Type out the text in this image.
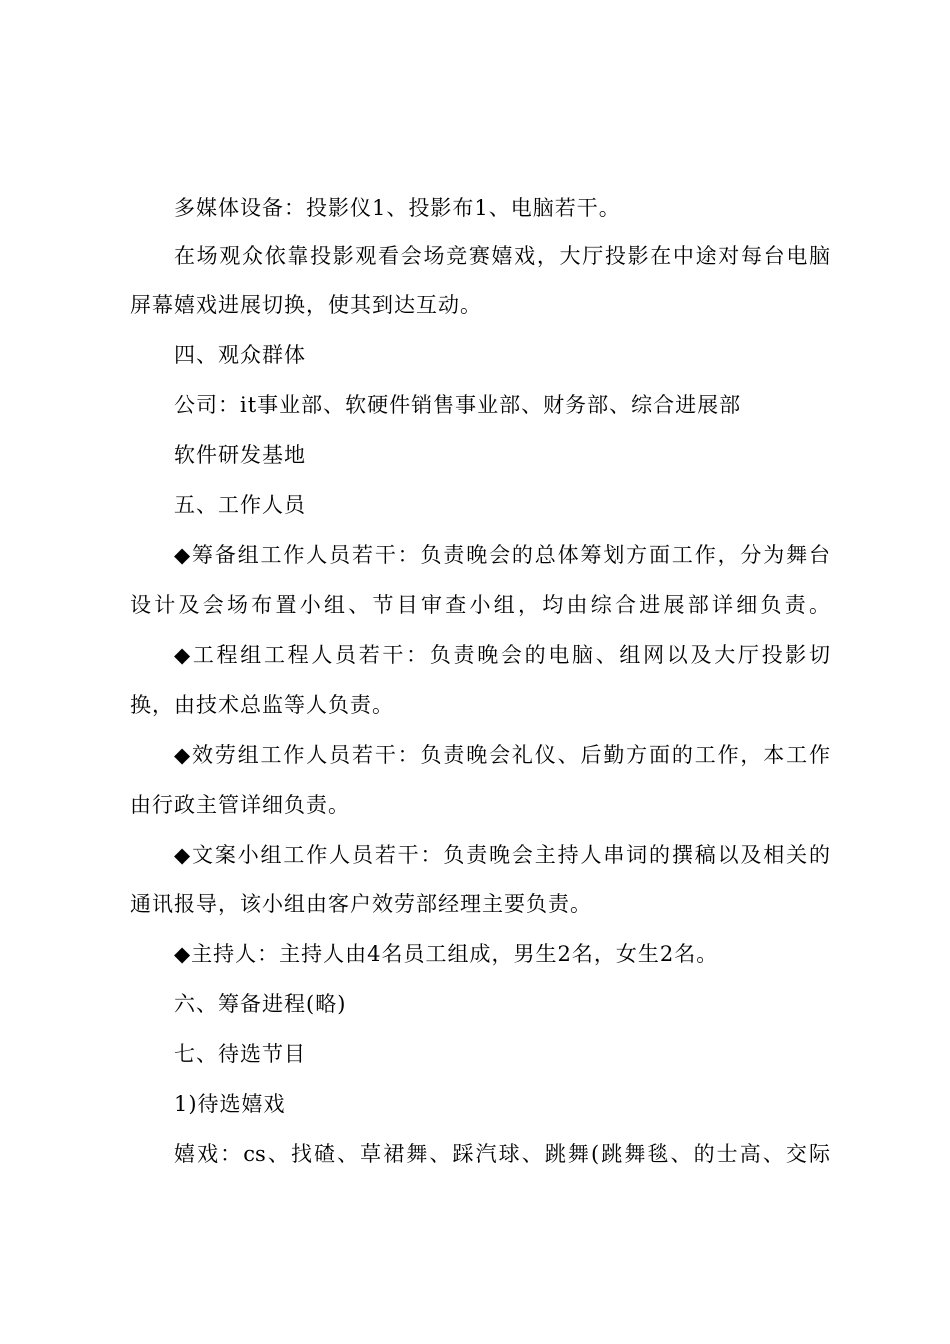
多媒体设备：投影仪1、投影布1、电脑若干。
在场观众依靠投影观看会场竞赛嬉戏，大厅投影在中途对每台电脑
屏幕嬉戏进展切换，使其到达互动。
四、观众群体
公司：it事业部、软硬件销售事业部、财务部、综合进展部
软件研发基地
五、工作人员
◆筹备组工作人员若干：负责晚会的总体筹划方面工作，分为舞台
设计及会场布置小组、节目审查小组，均由综合进展部详细负责。
◆工程组工程人员若干：负责晚会的电脑、组网以及大厅投影切
换，由技术总监等人负责。
◆效劳组工作人员若干：负责晚会礼仪、后勤方面的工作，本工作
由行政主管详细负责。
◆文案小组工作人员若干：负责晚会主持人串词的撰稿以及相关的
通讯报导，该小组由客户效劳部经理主要负责。
◆主持人：主持人由4名员工组成，男生2名，女生2名。
六、筹备进程(略)
七、待选节目
1)待选嬉戏
嬉戏：cs、找碴、草裙舞、踩汽球、跳舞(跳舞毯、的士高、交际
